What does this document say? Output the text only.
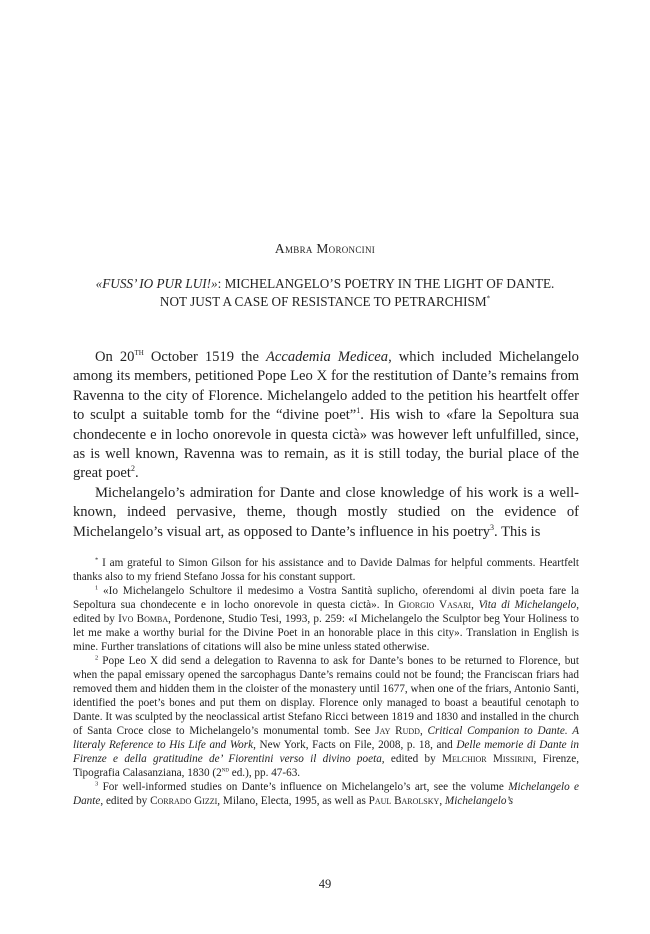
Ambra Moroncini
«FUSS’ IO PUR LUI!»: MICHELANGELO’S POETRY IN THE LIGHT OF DANTE.
NOT JUST A CASE OF RESISTANCE TO PETRARCHISM*

On 20th October 1519 the Accademia Medicea, which included Michelangelo among its members, petitioned Pope Leo X for the restitution of Dante’s remains from Ravenna to the city of Florence. Michelangelo added to the petition his heartfelt offer to sculpt a suitable tomb for the “divine poet”$^1$. His wish to «fare la Sepoltura sua chondecente e in locho onorevole in questa cictà» was however left unfulfilled, since, as is well known, Ravenna was to remain, as it is still today, the burial place of the great poet$^2$.

Michelangelo’s admiration for Dante and close knowledge of his work is a well-known, indeed pervasive, theme, though mostly studied on the evidence of Michelangelo’s visual art, as opposed to Dante’s influence in his poetry$^3$. This is

* I am grateful to Simon Gilson for his assistance and to Davide Dalmas for helpful comments. Heartfelt thanks also to my friend Stefano Jossa for his constant support.

$^1$ «Io Michelangelo Schultore il medesimo a Vostra Santità suplicho, oferendomi al divin poeta fare la Sepoltura sua chondecente e in locho onorevole in questa cictà». In Giorgio Vasari, Vita di Michelangelo, edited by Ivo Bomba, Pordenone, Studio Tesi, 1993, p. 259: «I Michelangelo the Sculptor beg Your Holiness to let me make a worthy burial for the Divine Poet in an honorable place in this city». Translation in English is mine. Further translations of citations will also be mine unless stated otherwise.

$^2$ Pope Leo X did send a delegation to Ravenna to ask for Dante’s bones to be returned to Florence, but when the papal emissary opened the sarcophagus Dante’s remains could not be found; the Franciscan friars had removed them and hidden them in the cloister of the monastery until 1677, when one of the friars, Antonio Santi, identified the poet’s bones and put them on display. Florence only managed to boast a beautiful cenotaph to Dante. It was sculpted by the neoclassical artist Stefano Ricci between 1819 and 1830 and installed in the church of Santa Croce close to Michelangelo’s monumental tomb. See Jay Rudd, Critical Companion to Dante. A literaly Reference to His Life and Work, New York, Facts on File, 2008, p. 18, and Delle memorie di Dante in Firenze e della gratitudine de’ Fiorentini verso il divino poeta, edited by Melchior Missirini, Firenze, Tipografia Calasanziana, 1830 (2nd ed.), pp. 47-63.

$^3$ For well-informed studies on Dante’s influence on Michelangelo’s art, see the volume Michelangelo e Dante, edited by Corrado Gizzi, Milano, Electa, 1995, as well as Paul Barolsky, Michelangelo’s

49
